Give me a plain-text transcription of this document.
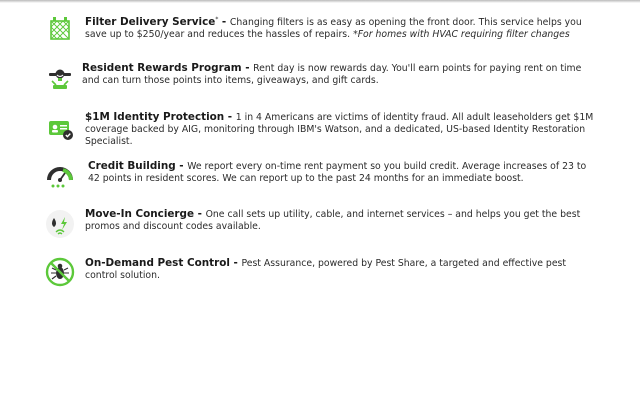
Filter Delivery Service* - Changing filters is as easy as opening the front door. This service helps you save up to $250/year and reduces the hassles of repairs. *For homes with HVAC requiring filter changes
Resident Rewards Program - Rent day is now rewards day. You'll earn points for paying rent on time and can turn those points into items, giveaways, and gift cards.
$1M Identity Protection - 1 in 4 Americans are victims of identity fraud. All adult leaseholders get $1M coverage backed by AIG, monitoring through IBM's Watson, and a dedicated, US-based Identity Restoration Specialist.
Credit Building - We report every on-time rent payment so you build credit. Average increases of 23 to 42 points in resident scores. We can report up to the past 24 months for an immediate boost.
Move-In Concierge - One call sets up utility, cable, and internet services – and helps you get the best promos and discount codes available.
On-Demand Pest Control - Pest Assurance, powered by Pest Share, a targeted and effective pest control solution.
